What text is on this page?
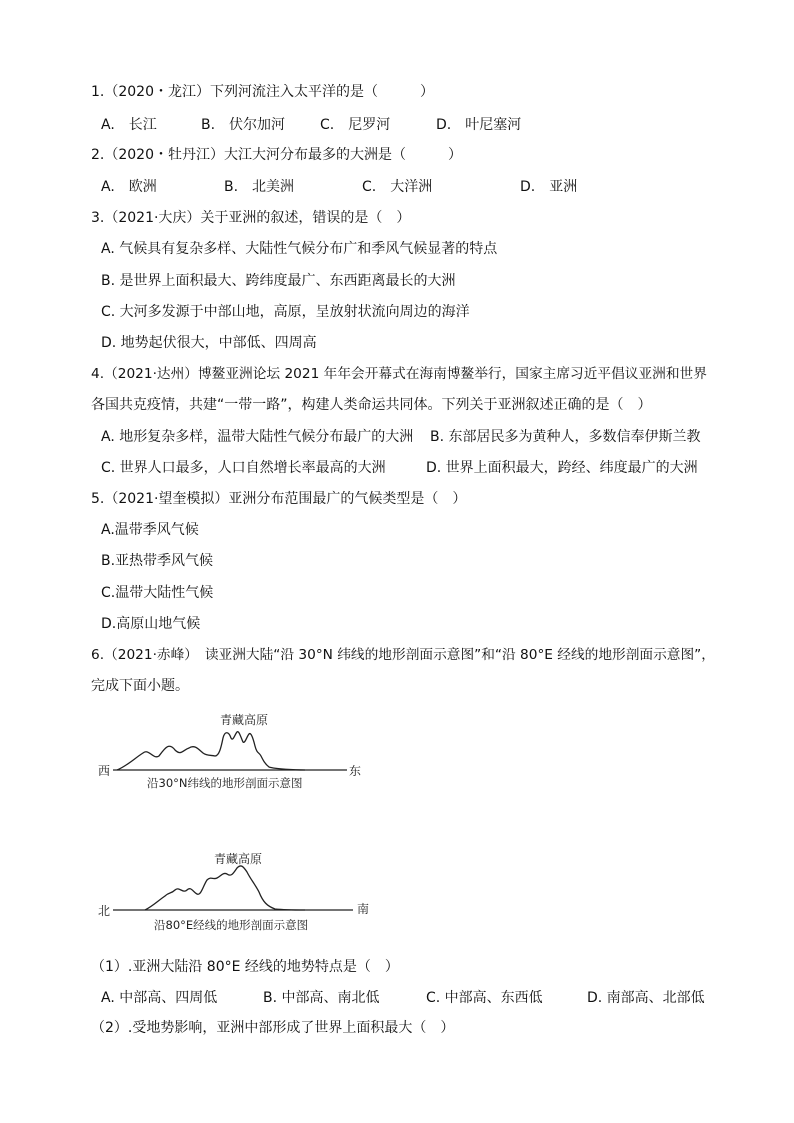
1.（2020・龙江）下列河流注入太平洋的是（　　　）
A.　长江	B.　伏尔加河 C.　尼罗河	D.　叶尼塞河
2.（2020・牡丹江）大江大河分布最多的大洲是（　　　）
A.　欧洲	B.　北美洲	C.　大洋洲	D.　亚洲
3.（2021·大庆）关于亚洲的叙述，错误的是（　）
A. 气候具有复杂多样、大陆性气候分布广和季风气候显著的特点
B. 是世界上面积最大、跨纬度最广、东西距离最长的大洲
C. 大河多发源于中部山地，高原，呈放射状流向周边的海洋
D. 地势起伏很大，中部低、四周高
4.（2021·达州）博鳌亚洲论坛 2021 年年会开幕式在海南博鳌举行，国家主席习近平倡议亚洲和世界
各国共克疫情，共建“一带一路”，构建人类命运共同体。下列关于亚洲叙述正确的是（　）
A. 地形复杂多样，温带大陆性气候分布最广的大洲 B. 东部居民多为黄种人，多数信奉伊斯兰教
C. 世界人口最多，人口自然增长率最高的大洲	D. 世界上面积最大，跨经、纬度最广的大洲
5.（2021·望奎模拟）亚洲分布范围最广的气候类型是（　）
A.温带季风气候
B.亚热带季风气候
C.温带大陆性气候
D.高原山地气候
6.（2021·赤峰）　读亚洲大陆“沿 30°N 纬线的地形剖面示意图”和“沿 80°E 经线的地形剖面示意图”，
完成下面小题。
青藏高原
西	东
沿30°N纬线的地形剖面示意图
青藏高原
北	南
沿80°E经线的地形剖面示意图
（1）.亚洲大陆沿 80°E 经线的地势特点是（　）
A. 中部高、四周低	B. 中部高、南北低	C. 中部高、东西低	D. 南部高、北部低
（2）.受地势影响，亚洲中部形成了世界上面积最大（　）
